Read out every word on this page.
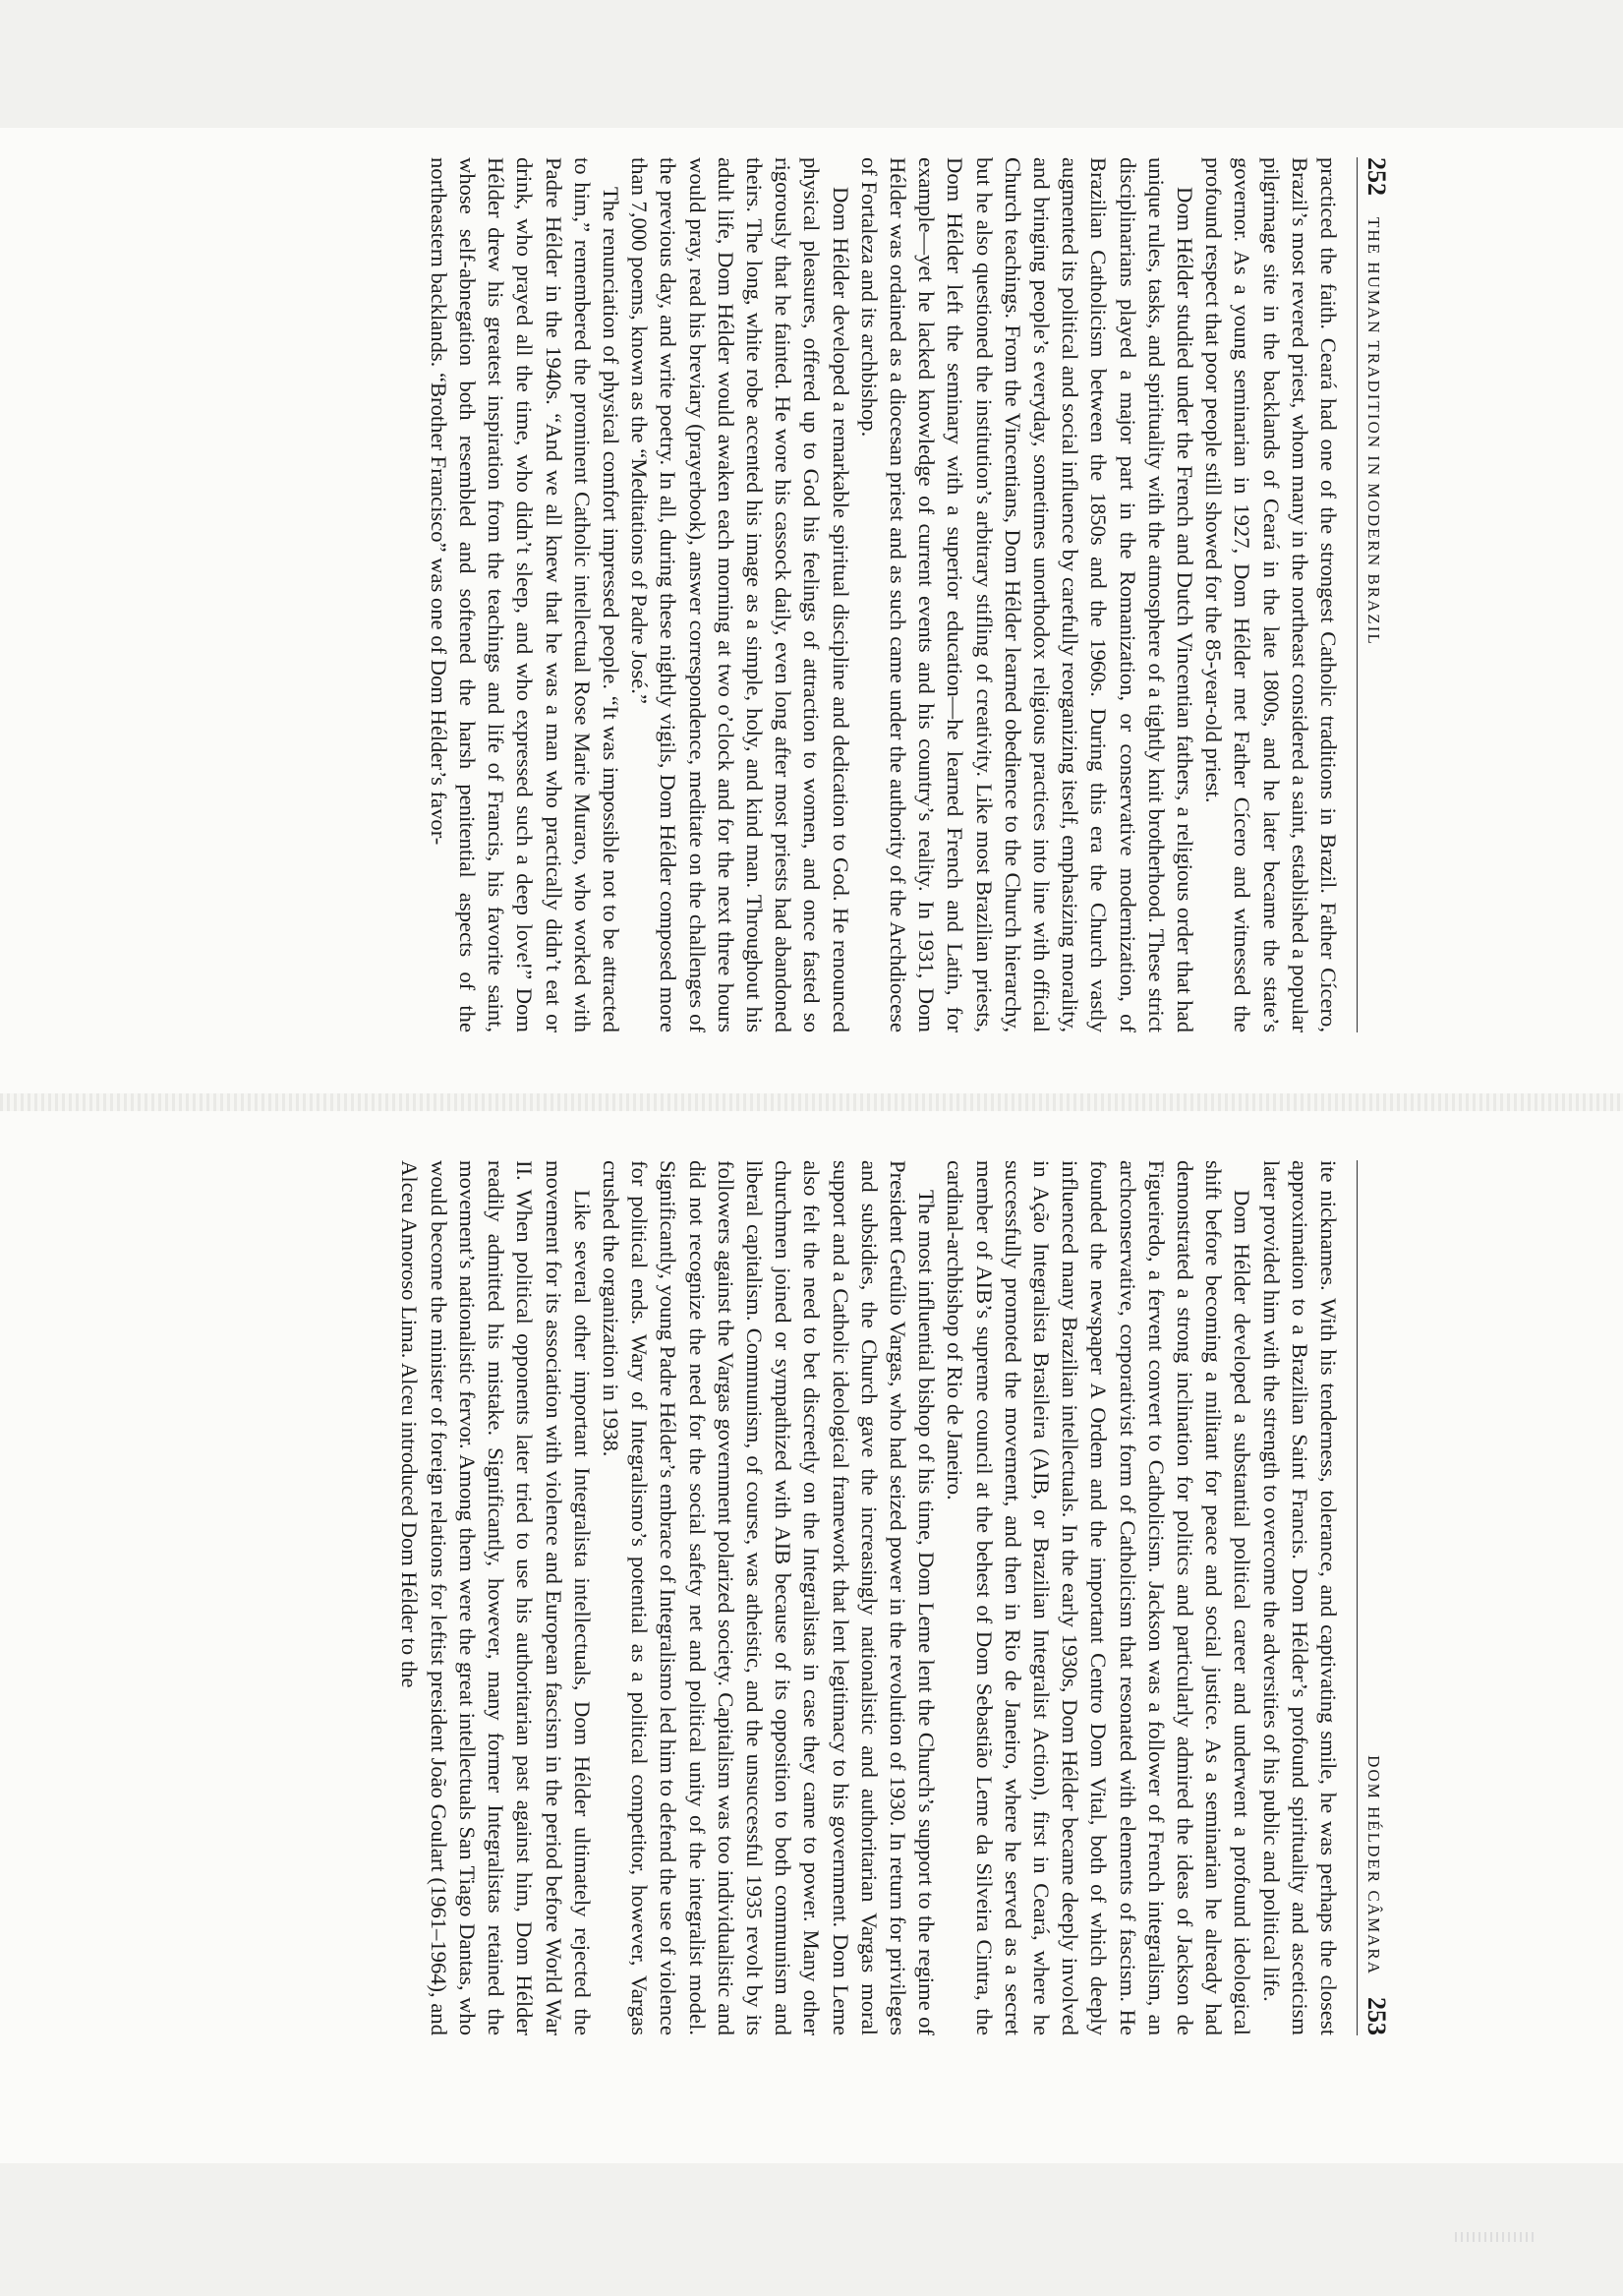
252
THE HUMAN TRADITION IN MODERN BRAZIL

practiced the faith. Ceará had one of the strongest Catholic traditions in Brazil. Father Cícero, Brazil’s most revered priest, whom many in the northeast considered a saint, established a popular pilgrimage site in the backlands of Ceará in the late 1800s, and he later became the state’s governor. As a young seminarian in 1927, Dom Hélder met Father Cícero and witnessed the profound respect that poor people still showed for the 85-year-old priest.

Dom Hélder studied under the French and Dutch Vincentian fathers, a religious order that had unique rules, tasks, and spirituality with the atmosphere of a tightly knit brotherhood. These strict disciplinarians played a major part in the Romanization, or conservative modernization, of Brazilian Catholicism between the 1850s and the 1960s. During this era the Church vastly augmented its political and social influence by carefully reorganizing itself, emphasizing morality, and bringing people’s everyday, sometimes unorthodox religious practices into line with official Church teachings. From the Vincentians, Dom Hélder learned obedience to the Church hierarchy, but he also questioned the institution’s arbitrary stifling of creativity. Like most Brazilian priests, Dom Hélder left the seminary with a superior education—he learned French and Latin, for example—yet he lacked knowledge of current events and his country’s reality. In 1931, Dom Hélder was ordained as a diocesan priest and as such came under the authority of the Archdiocese of Fortaleza and its archbishop.

Dom Hélder developed a remarkable spiritual discipline and dedication to God. He renounced physical pleasures, offered up to God his feelings of attraction to women, and once fasted so rigorously that he fainted. He wore his cassock daily, even long after most priests had abandoned theirs. The long, white robe accented his image as a simple, holy, and kind man. Throughout his adult life, Dom Hélder would awaken each morning at two o’clock and for the next three hours would pray, read his breviary (prayerbook), answer correspondence, meditate on the challenges of the previous day, and write poetry. In all, during these nightly vigils, Dom Hélder composed more than 7,000 poems, known as the “Meditations of Padre José.”

The renunciation of physical comfort impressed people. “It was impossible not to be attracted to him,” remembered the prominent Catholic intellectual Rose Marie Muraro, who worked with Padre Hélder in the 1940s. “And we all knew that he was a man who practically didn’t eat or drink, who prayed all the time, who didn’t sleep, and who expressed such a deep love!” Dom Hélder drew his greatest inspiration from the teachings and life of Francis, his favorite saint, whose self-abnegation both resembled and softened the harsh penitential aspects of the northeastern backlands. “Brother Francisco” was one of Dom Hélder’s favor-

DOM HÉLDER CÂMARA
253

ite nicknames. With his tenderness, tolerance, and captivating smile, he was perhaps the closest approximation to a Brazilian Saint Francis. Dom Hélder’s profound spirituality and asceticism later provided him with the strength to overcome the adversities of his public and political life.

Dom Hélder developed a substantial political career and underwent a profound ideological shift before becoming a militant for peace and social justice. As a seminarian he already had demonstrated a strong inclination for politics and particularly admired the ideas of Jackson de Figueiredo, a fervent convert to Catholicism. Jackson was a follower of French integralism, an archconservative, corporativist form of Catholicism that resonated with elements of fascism. He founded the newspaper A Ordem and the important Centro Dom Vital, both of which deeply influenced many Brazilian intellectuals. In the early 1930s, Dom Hélder became deeply involved in Ação Integralista Brasileira (AIB, or Brazilian Integralist Action), first in Ceará, where he successfully promoted the movement, and then in Rio de Janeiro, where he served as a secret member of AIB’s supreme council at the behest of Dom Sebastião Leme da Silveira Cintra, the cardinal-archbishop of Rio de Janeiro.

The most influential bishop of his time, Dom Leme lent the Church’s support to the regime of President Getúlio Vargas, who had seized power in the revolution of 1930. In return for privileges and subsidies, the Church gave the increasingly nationalistic and authoritarian Vargas moral support and a Catholic ideological framework that lent legitimacy to his government. Dom Leme also felt the need to bet discreetly on the Integralistas in case they came to power. Many other churchmen joined or sympathized with AIB because of its opposition to both communism and liberal capitalism. Communism, of course, was atheistic, and the unsuccessful 1935 revolt by its followers against the Vargas government polarized society. Capitalism was too individualistic and did not recognize the need for the social safety net and political unity of the integralist model. Significantly, young Padre Hélder’s embrace of Integralismo led him to defend the use of violence for political ends. Wary of Integralismo’s potential as a political competitor, however, Vargas crushed the organization in 1938.

Like several other important Integralista intellectuals, Dom Hélder ultimately rejected the movement for its association with violence and European fascism in the period before World War II. When political opponents later tried to use his authoritarian past against him, Dom Hélder readily admitted his mistake. Significantly, however, many former Integralistas retained the movement’s nationalistic fervor. Among them were the great intellectuals San Tiago Dantas, who would become the minister of foreign relations for leftist president João Goulart (1961–1964), and Alceu Amoroso Lima. Alceu introduced Dom Hélder to the
